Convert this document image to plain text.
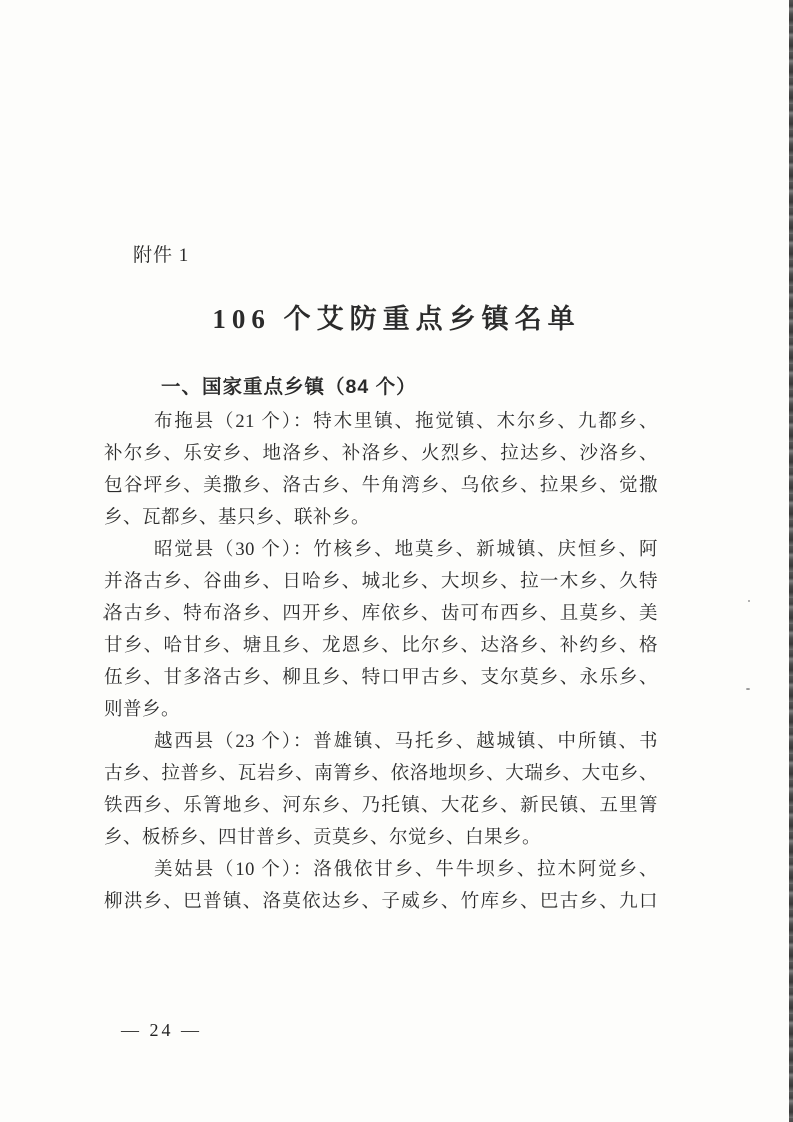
附件 1
106 个艾防重点乡镇名单
一、国家重点乡镇（84 个）
布拖县（21 个）：特木里镇、拖觉镇、木尔乡、九都乡、
补尔乡、乐安乡、地洛乡、补洛乡、火烈乡、拉达乡、沙洛乡、
包谷坪乡、美撒乡、洛古乡、牛角湾乡、乌依乡、拉果乡、觉撒
乡、瓦都乡、基只乡、联补乡。
昭觉县（30 个）：竹核乡、地莫乡、新城镇、庆恒乡、阿
并洛古乡、谷曲乡、日哈乡、城北乡、大坝乡、拉一木乡、久特
洛古乡、特布洛乡、四开乡、库依乡、齿可布西乡、且莫乡、美
甘乡、哈甘乡、塘且乡、龙恩乡、比尔乡、达洛乡、补约乡、格
伍乡、甘多洛古乡、柳且乡、特口甲古乡、支尔莫乡、永乐乡、
则普乡。
越西县（23 个）：普雄镇、马托乡、越城镇、中所镇、书
古乡、拉普乡、瓦岩乡、南箐乡、依洛地坝乡、大瑞乡、大屯乡、
铁西乡、乐箐地乡、河东乡、乃托镇、大花乡、新民镇、五里箐
乡、板桥乡、四甘普乡、贡莫乡、尔觉乡、白果乡。
美姑县（10 个）：洛俄依甘乡、牛牛坝乡、拉木阿觉乡、
柳洪乡、巴普镇、洛莫依达乡、子威乡、竹库乡、巴古乡、九口
— 24 —
